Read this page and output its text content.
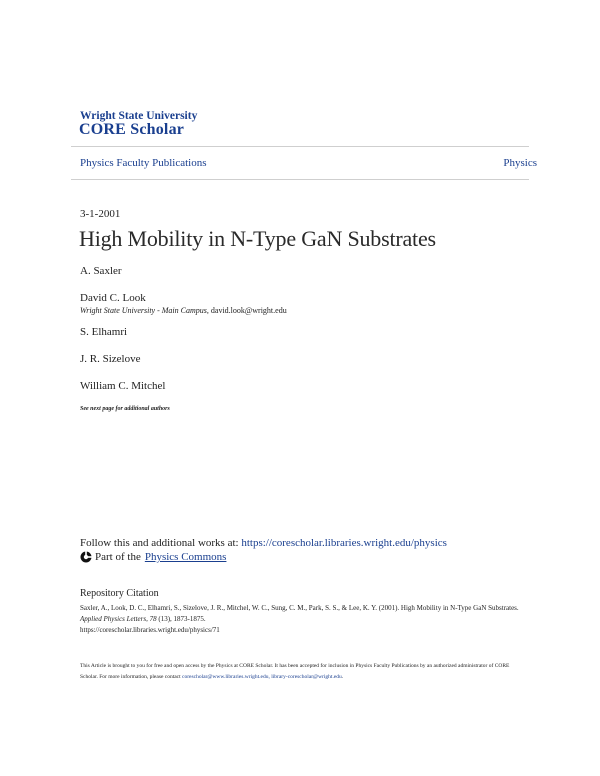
Wright State University
CORE Scholar
Physics Faculty Publications	Physics
3-1-2001
High Mobility in N-Type GaN Substrates
A. Saxler
David C. Look
Wright State University - Main Campus, david.look@wright.edu
S. Elhamri
J. R. Sizelove
William C. Mitchel
See next page for additional authors
Follow this and additional works at: https://corescholar.libraries.wright.edu/physics
Part of the Physics Commons
Repository Citation
Saxler, A., Look, D. C., Elhamri, S., Sizelove, J. R., Mitchel, W. C., Sung, C. M., Park, S. S., & Lee, K. Y. (2001). High Mobility in N-Type GaN Substrates. Applied Physics Letters, 78 (13), 1873-1875.
https://corescholar.libraries.wright.edu/physics/71
This Article is brought to you for free and open access by the Physics at CORE Scholar. It has been accepted for inclusion in Physics Faculty Publications by an authorized administrator of CORE Scholar. For more information, please contact corescholar@www.libraries.wright.edu, library-corescholar@wright.edu.
